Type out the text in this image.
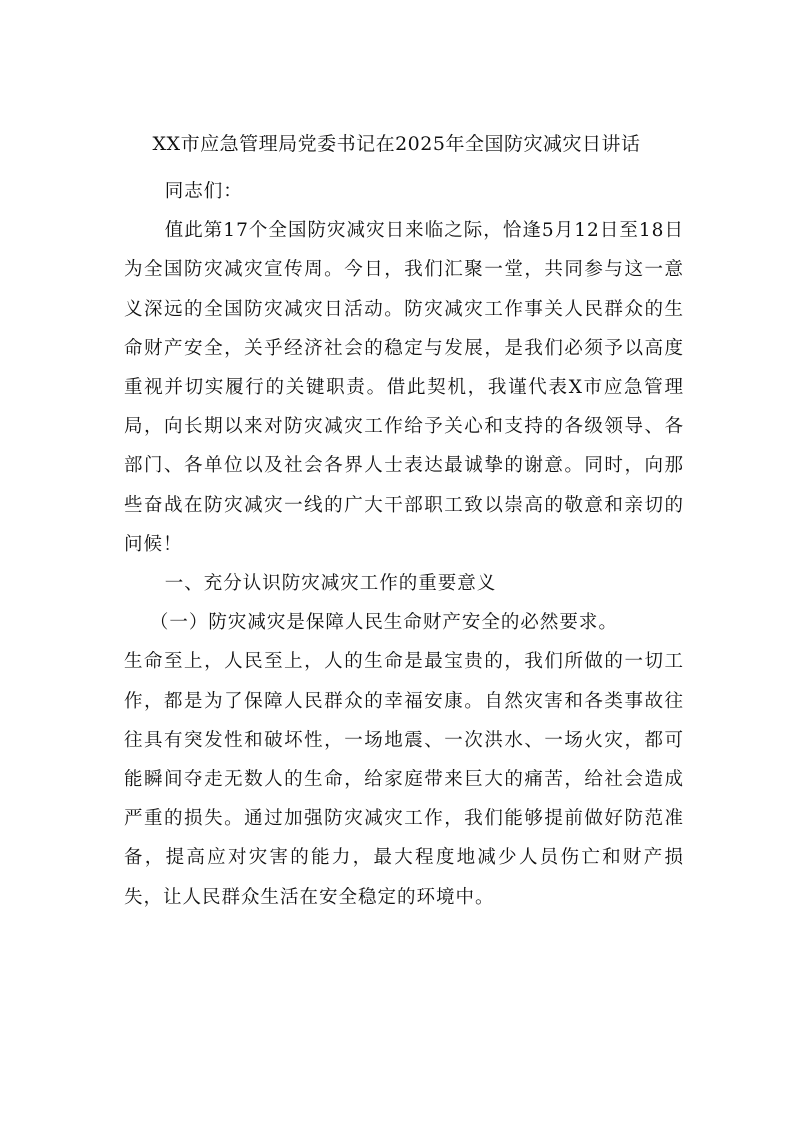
XX市应急管理局党委书记在2025年全国防灾减灾日讲话

同志们：

值此第17个全国防灾减灾日来临之际，恰逢5月12日至18日为全国防灾减灾宣传周。今日，我们汇聚一堂，共同参与这一意义深远的全国防灾减灾日活动。防灾减灾工作事关人民群众的生命财产安全，关乎经济社会的稳定与发展，是我们必须予以高度重视并切实履行的关键职责。借此契机，我谨代表X市应急管理局，向长期以来对防灾减灾工作给予关心和支持的各级领导、各部门、各单位以及社会各界人士表达最诚挚的谢意。同时，向那些奋战在防灾减灾一线的广大干部职工致以崇高的敬意和亲切的问候！

一、充分认识防灾减灾工作的重要意义

（一）防灾减灾是保障人民生命财产安全的必然要求。

生命至上，人民至上，人的生命是最宝贵的，我们所做的一切工作，都是为了保障人民群众的幸福安康。自然灾害和各类事故往往具有突发性和破坏性，一场地震、一次洪水、一场火灾，都可能瞬间夺走无数人的生命，给家庭带来巨大的痛苦，给社会造成严重的损失。通过加强防灾减灾工作，我们能够提前做好防范准备，提高应对灾害的能力，最大程度地减少人员伤亡和财产损失，让人民群众生活在安全稳定的环境中。
